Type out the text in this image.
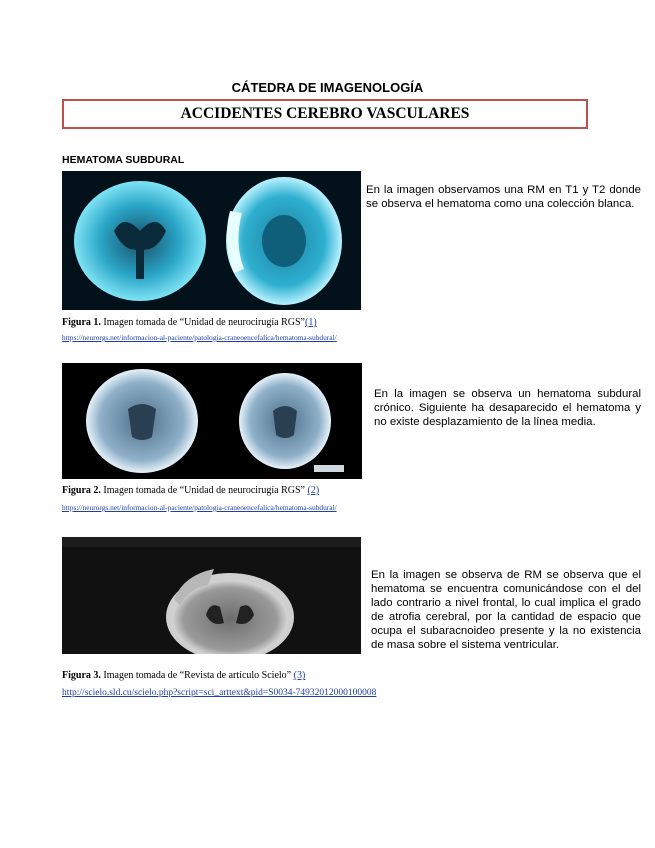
CÁTEDRA DE IMAGENOLOGÍA
ACCIDENTES CEREBRO VASCULARES
HEMATOMA SUBDURAL
En la imagen observamos una RM en T1 y T2 donde se observa el hematoma como una colección blanca.
Figura 1. Imagen tomada de “Unidad de neurocirugía RGS”(1)
https://neurorgs.net/informacion-al-paciente/patologia-craneoencefalica/hematoma-subdural/
En la imagen se observa un hematoma subdural crónico. Siguiente ha desaparecido el hematoma y no existe desplazamiento de la línea media.
Figura 2. Imagen tomada de “Unidad de neurocirugía RGS” (2)
https://neurorgs.net/informacion-al-paciente/patologia-craneoencefalica/hematoma-subdural/
En la imagen se observa de RM se observa que el hematoma se encuentra comunicándose con el del lado contrario a nivel frontal, lo cual implica el grado de atrofia cerebral, por la cantidad de espacio que ocupa el subaracnoideo presente y la no existencia de masa sobre el sistema ventricular.
Figura 3. Imagen tomada de “Revista de artículo Scielo” (3)
http://scielo.sld.cu/scielo.php?script=sci_arttext&pid=S0034-74932012000100008
